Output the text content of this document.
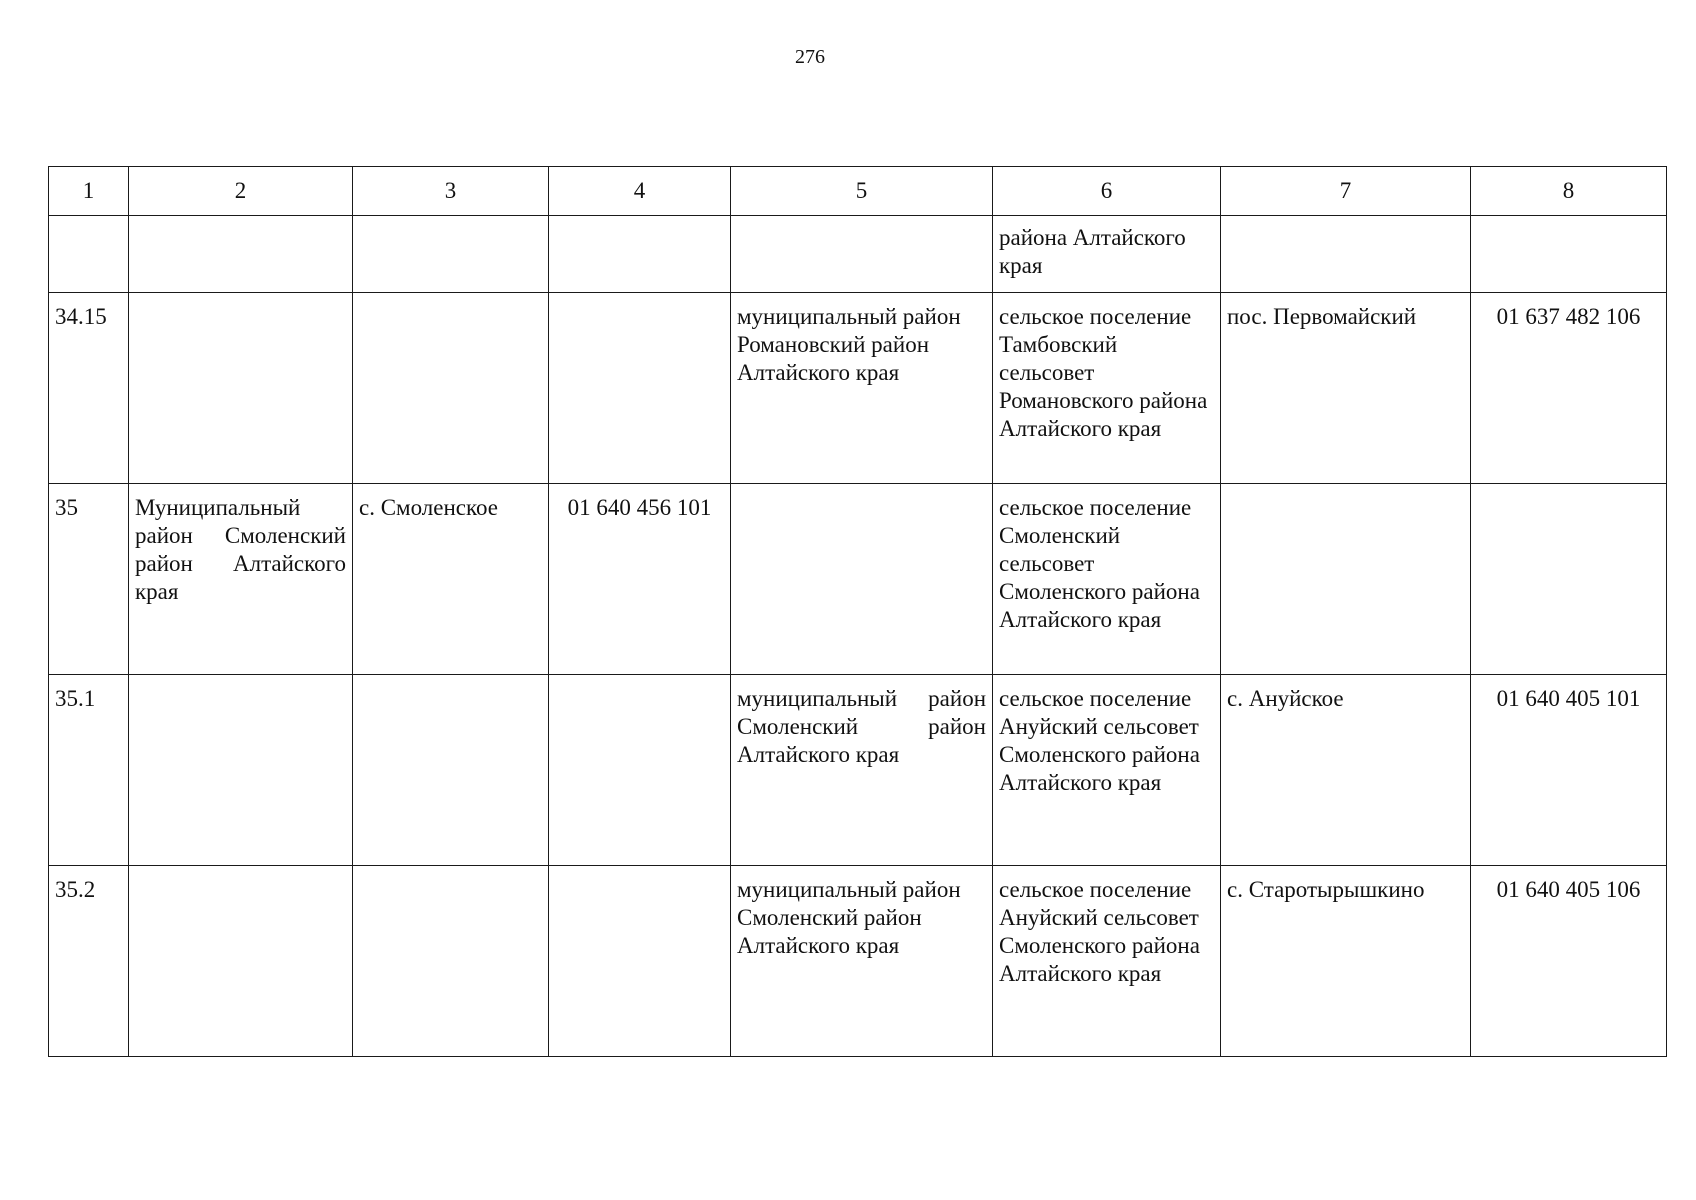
276
1	2	3	4	5	6	7	8
					района Алтайского края		
34.15				муниципальный район Романовский район Алтайского края	сельское поселение Тамбовский сельсовет Романовского района Алтайского края	пос. Первомайский	01 637 482 106
35	Муниципальный район Смоленский район Алтайского края	с. Смоленское	01 640 456 101		сельское поселение Смоленский сельсовет Смоленского района Алтайского края		
35.1				муниципальный район Смоленский район Алтайского края	сельское поселение Ануйский сельсовет Смоленского района Алтайского края	с. Ануйское	01 640 405 101
35.2				муниципальный район Смоленский район Алтайского края	сельское поселение Ануйский сельсовет Смоленского района Алтайского края	с. Старотырышкино	01 640 405 106
